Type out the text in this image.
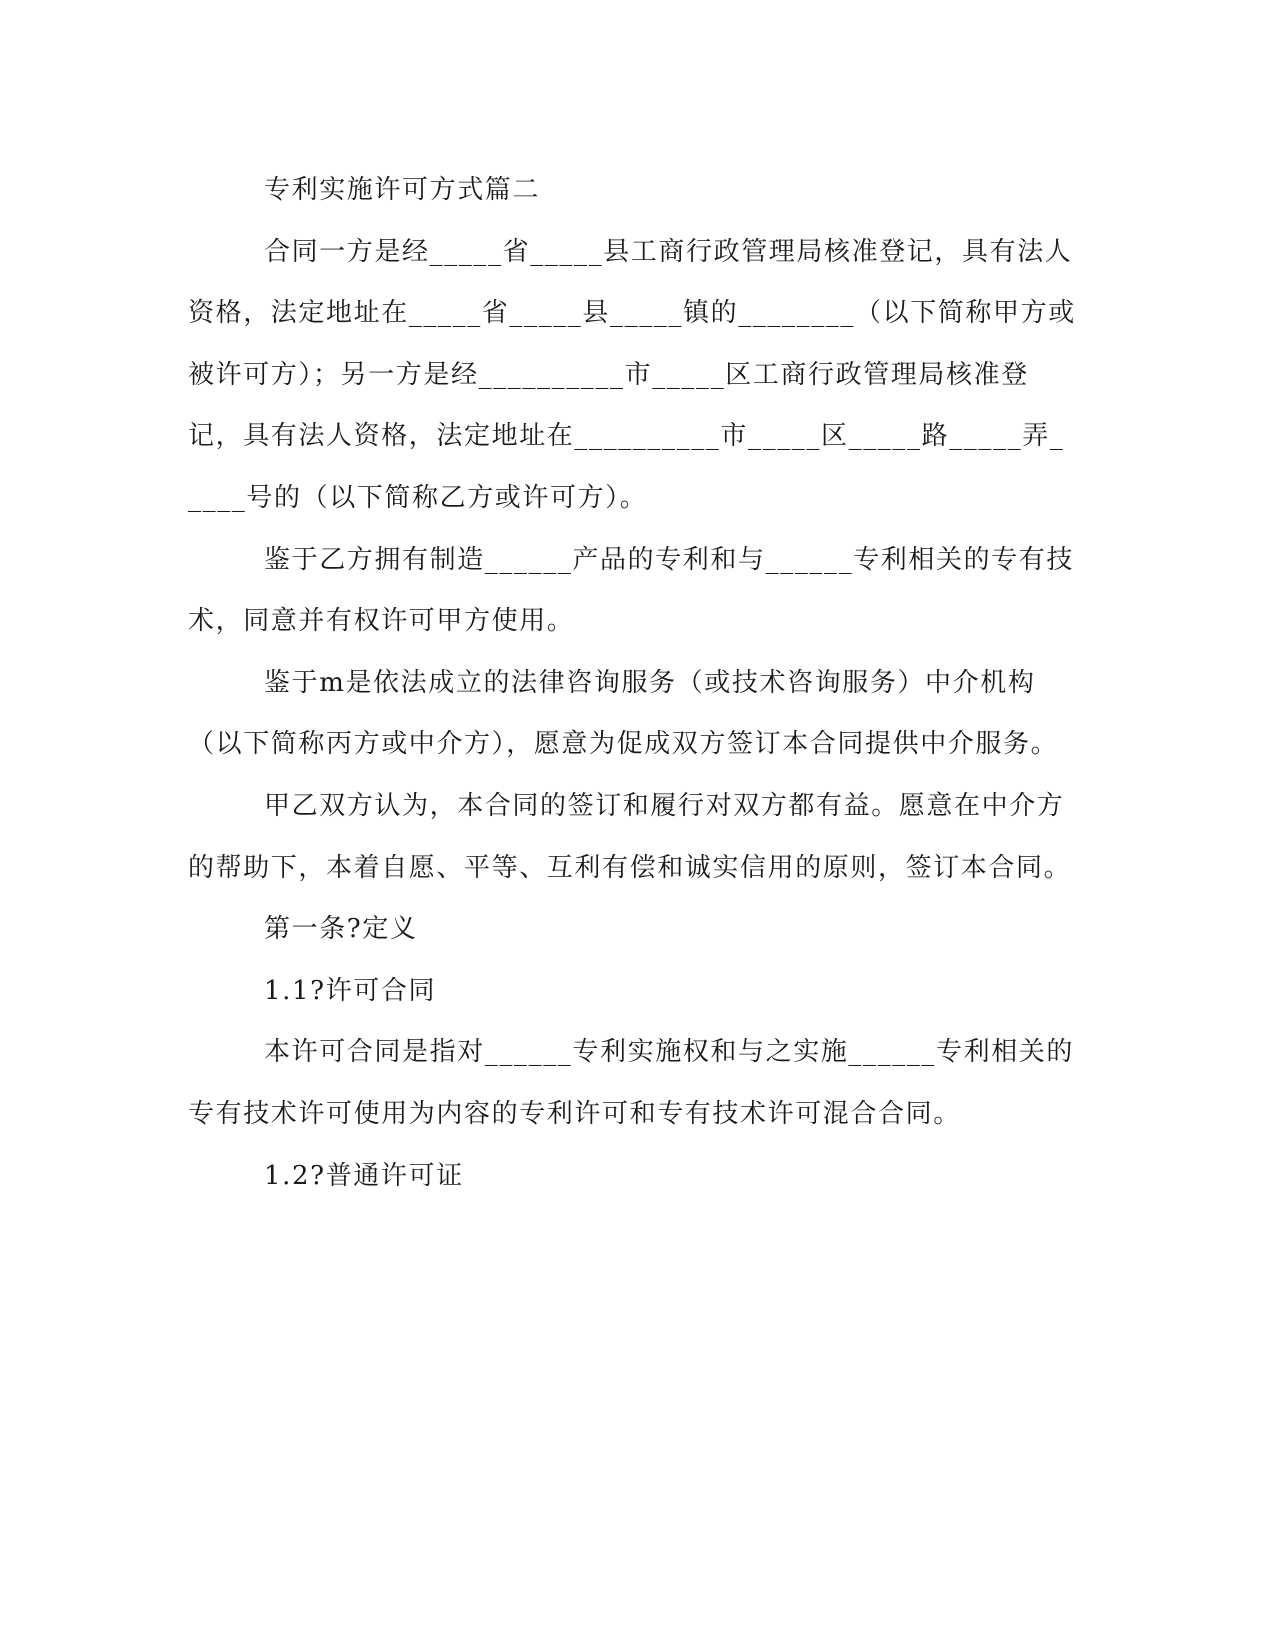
专利实施许可方式篇二

合同一方是经_____省_____县工商行政管理局核准登记，具有法人资格，法定地址在_____省_____县_____镇的________（以下简称甲方或被许可方）；另一方是经__________市_____区工商行政管理局核准登记，具有法人资格，法定地址在__________市_____区_____路_____弄_____号的（以下简称乙方或许可方）。

鉴于乙方拥有制造______产品的专利和与______专利相关的专有技术，同意并有权许可甲方使用。

鉴于m是依法成立的法律咨询服务（或技术咨询服务）中介机构（以下简称丙方或中介方），愿意为促成双方签订本合同提供中介服务。

甲乙双方认为，本合同的签订和履行对双方都有益。愿意在中介方的帮助下，本着自愿、平等、互利有偿和诚实信用的原则，签订本合同。

第一条?定义

1.1?许可合同

本许可合同是指对______专利实施权和与之实施______专利相关的专有技术许可使用为内容的专利许可和专有技术许可混合合同。

1.2?普通许可证
